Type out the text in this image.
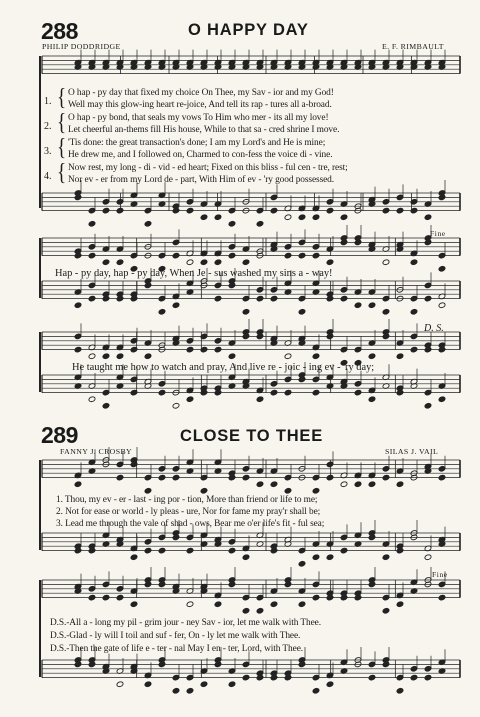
288	O HAPPY DAY
PHILIP DODDRIDGE	E. F. RIMBAULT
1.
2.
3.
4.
{
{
{
{
O hap - py day that fixed my choice On Thee, my Sav - ior and my God!
Well may this glow-ing heart re-joice, And tell its rap - tures all a-broad.
O hap - py bond, that seals my vows To Him who mer - its all my love!
Let cheerful an-thems fill His house, While to that sa - cred shrine I move.
'Tis done: the great transaction's done; I am my Lord's and He is mine;
He drew me, and I followed on, Charmed to con-fess the voice di - vine.
Now rest, my long - di - vid - ed heart; Fixed on this bliss - ful cen - tre, rest;
Nor ev - er from my Lord de - part, With Him of ev - 'ry good possessed.
Fine
Hap - py day, hap - py day, When Je - sus washed my sins a - way!
D. S.
He taught me how to watch and pray, And live re - joic - ing ev - 'ry day;
289	CLOSE TO THEE
FANNY J. CROSBY	SILAS J. VAIL
1. Thou, my ev - er - last - ing por - tion, More than friend or life to me;
2. Not for ease or world - ly pleas - ure, Nor for fame my pray'r shall be;
3. Lead me through the vale of shad - ows, Bear me o'er life's fit - ful sea;
Fine
D.S.-All a - long my pil - grim jour - ney Sav - ior, let me walk with Thee.
D.S.-Glad - ly will I toil and suf - fer, On - ly let me walk with Thee.
D.S.-Then the gate of life e - ter - nal May I en - ter, Lord, with Thee.
